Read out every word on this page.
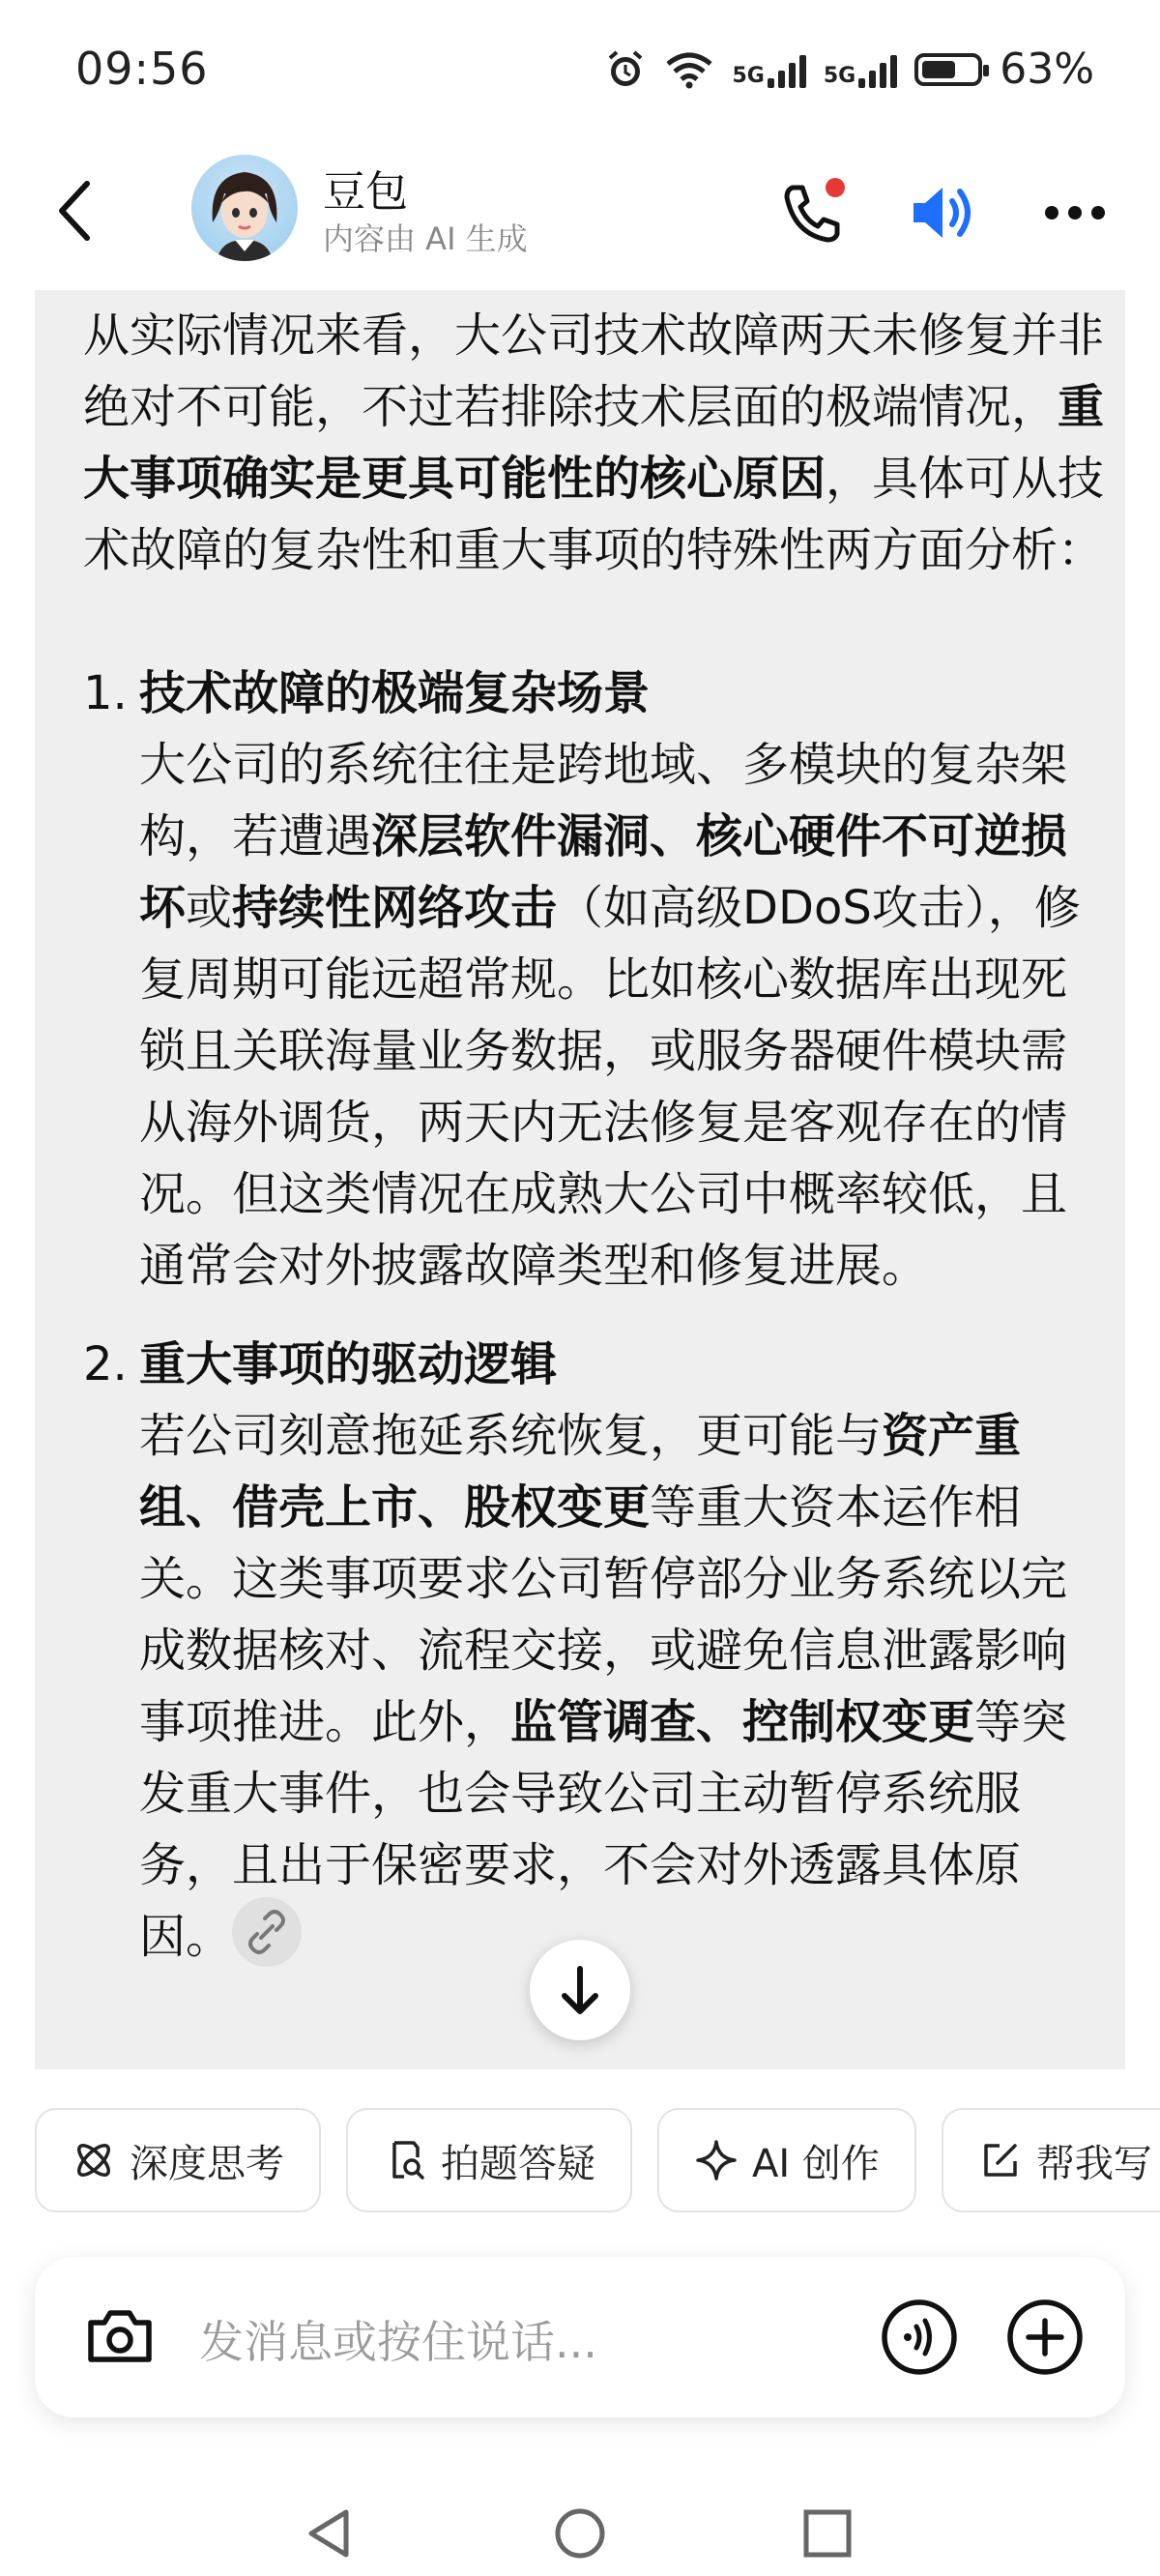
09:56	5G	5G	63%
豆包
内容由 AI 生成

从实际情况来看，大公司技术故障两天未修复并非绝对不可能，不过若排除技术层面的极端情况，重大事项确实是更具可能性的核心原因，具体可从技术故障的复杂性和重大事项的特殊性两方面分析：

1. 技术故障的极端复杂场景
大公司的系统往往是跨地域、多模块的复杂架构，若遭遇深层软件漏洞、核心硬件不可逆损坏或持续性网络攻击（如高级DDoS攻击），修复周期可能远超常规。比如核心数据库出现死锁且关联海量业务数据，或服务器硬件模块需从海外调货，两天内无法修复是客观存在的情况。但这类情况在成熟大公司中概率较低，且通常会对外披露故障类型和修复进展。
2. 重大事项的驱动逻辑
若公司刻意拖延系统恢复，更可能与资产重组、借壳上市、股权变更等重大资本运作相关。这类事项要求公司暂停部分业务系统以完成数据核对、流程交接，或避免信息泄露影响事项推进。此外，监管调查、控制权变更等突发重大事件，也会导致公司主动暂停系统服务，且出于保密要求，不会对外透露具体原因。
深度思考	拍题答疑	AI 创作	帮我写
发消息或按住说话...
